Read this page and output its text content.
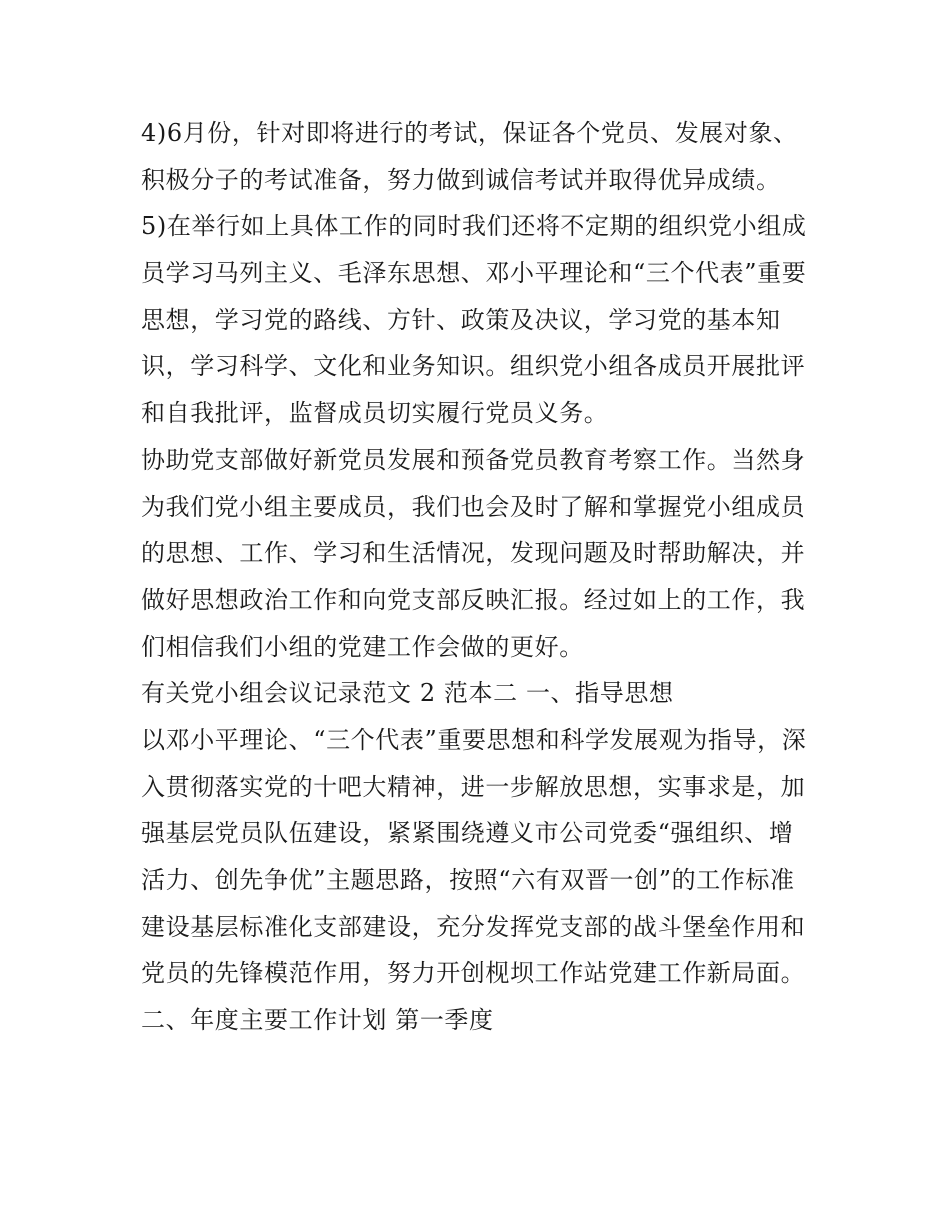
4)6月份，针对即将进行的考试，保证各个党员、发展对象、
积极分子的考试准备，努力做到诚信考试并取得优异成绩。
5)在举行如上具体工作的同时我们还将不定期的组织党小组成
员学习马列主义、毛泽东思想、邓小平理论和“三个代表”重要
思想，学习党的路线、方针、政策及决议，学习党的基本知
识，学习科学、文化和业务知识。组织党小组各成员开展批评
和自我批评，监督成员切实履行党员义务。
协助党支部做好新党员发展和预备党员教育考察工作。当然身
为我们党小组主要成员，我们也会及时了解和掌握党小组成员
的思想、工作、学习和生活情况，发现问题及时帮助解决，并
做好思想政治工作和向党支部反映汇报。经过如上的工作，我
们相信我们小组的党建工作会做的更好。
有关党小组会议记录范文 2 范本二 一、指导思想
以邓小平理论、“三个代表”重要思想和科学发展观为指导，深
入贯彻落实党的十吧大精神，进一步解放思想，实事求是，加
强基层党员队伍建设，紧紧围绕遵义市公司党委“强组织、增
活力、创先争优”主题思路，按照“六有双晋一创”的工作标准
建设基层标准化支部建设，充分发挥党支部的战斗堡垒作用和
党员的先锋模范作用，努力开创枧坝工作站党建工作新局面。
二、年度主要工作计划 第一季度
